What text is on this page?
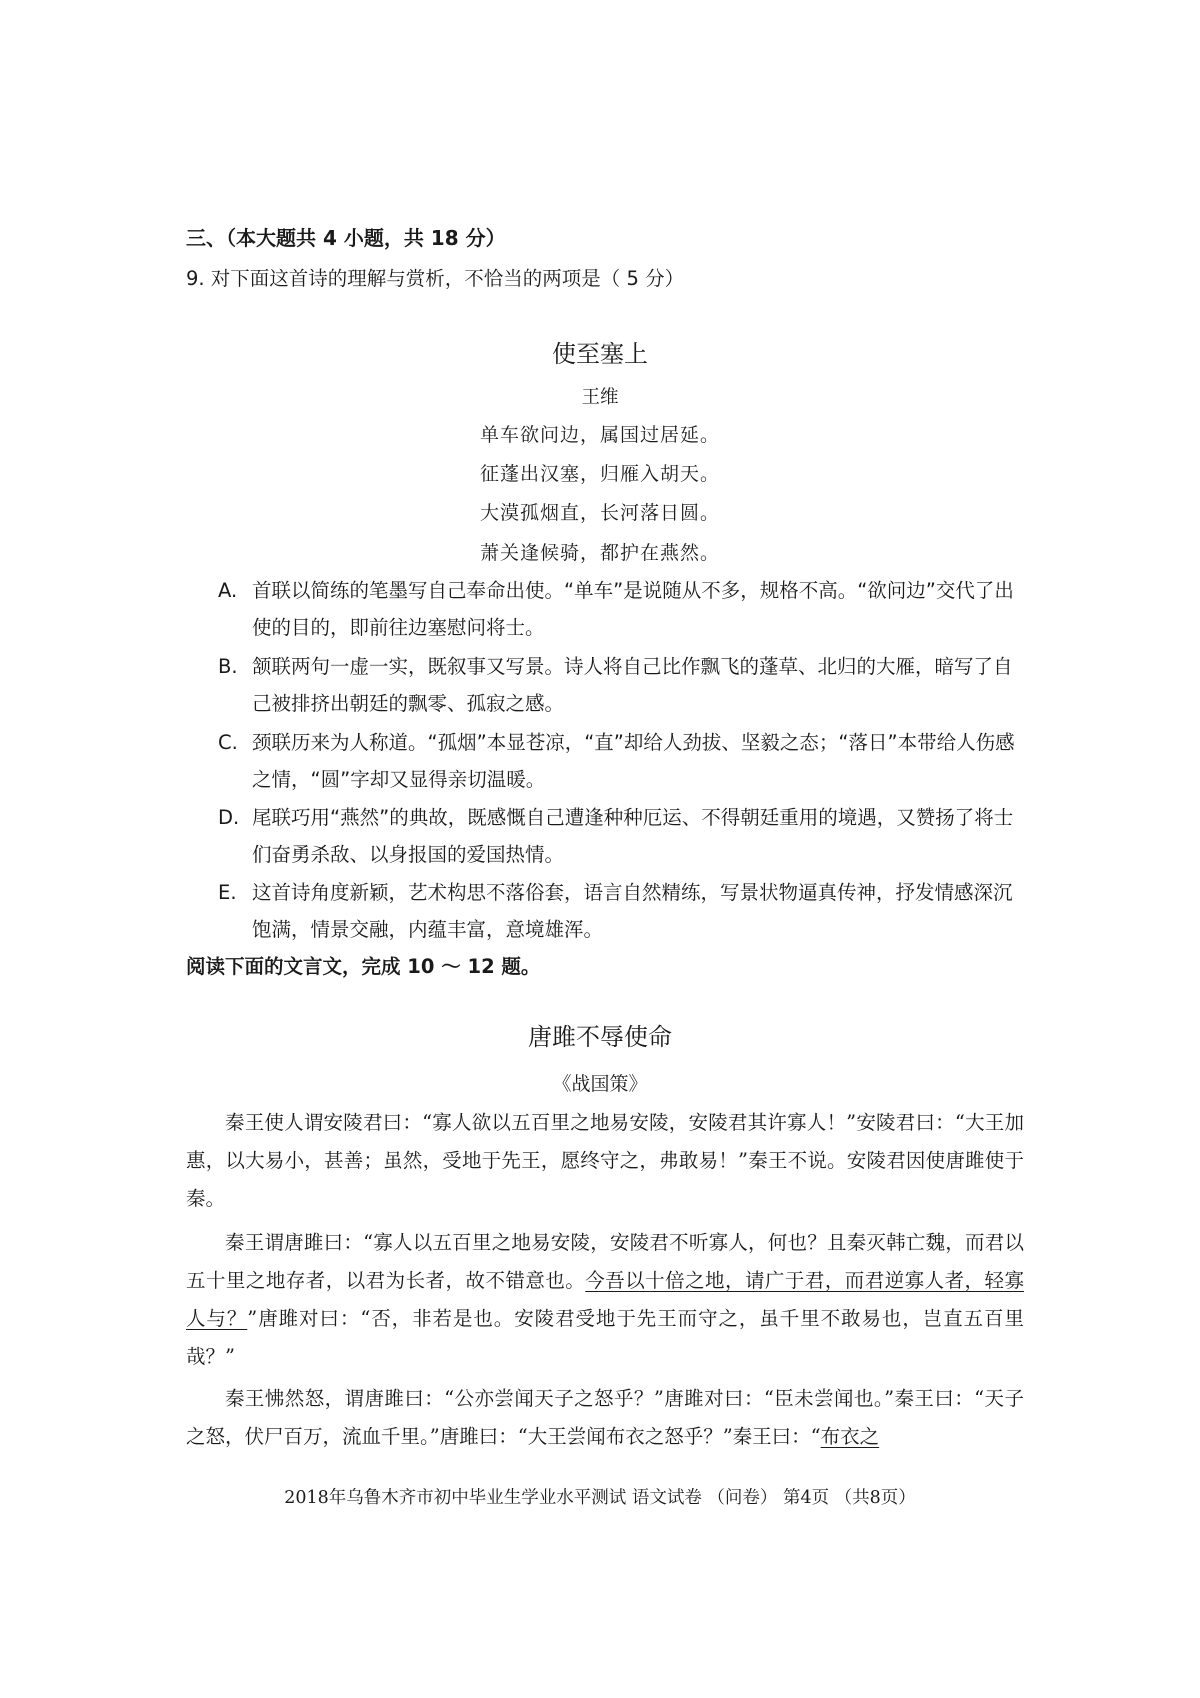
三、（本大题共 4 小题，共 18 分）
9. 对下面这首诗的理解与赏析，不恰当的两项是（ 5 分）
使至塞上
王维
单车欲问边，属国过居延。
征蓬出汉塞，归雁入胡天。
大漠孤烟直，长河落日圆。
萧关逢候骑，都护在燕然。
A. 首联以简练的笔墨写自己奉命出使。“单车”是说随从不多，规格不高。“欲问边”交代了出使的目的，即前往边塞慰问将士。
B. 颔联两句一虚一实，既叙事又写景。诗人将自己比作飘飞的蓬草、北归的大雁，暗写了自己被排挤出朝廷的飘零、孤寂之感。
C. 颈联历来为人称道。“孤烟”本显苍凉，“直”却给人劲拔、坚毅之态；“落日”本带给人伤感之情，“圆”字却又显得亲切温暖。
D. 尾联巧用“燕然”的典故，既感慨自己遭逢种种厄运、不得朝廷重用的境遇，又赞扬了将士们奋勇杀敌、以身报国的爱国热情。
E. 这首诗角度新颖，艺术构思不落俗套，语言自然精练，写景状物逼真传神，抒发情感深沉饱满，情景交融，内蕴丰富，意境雄浑。
阅读下面的文言文，完成 10 ～ 12 题。
唐雎不辱使命
《战国策》
秦王使人谓安陵君曰：“寡人欲以五百里之地易安陵，安陵君其许寡人！”安陵君曰：“大王加惠，以大易小，甚善；虽然，受地于先王，愿终守之，弗敢易！”秦王不说。安陵君因使唐雎使于秦。
秦王谓唐雎曰：“寡人以五百里之地易安陵，安陵君不听寡人，何也？且秦灭韩亡魏，而君以五十里之地存者，以君为长者，故不错意也。今吾以十倍之地，请广于君，而君逆寡人者，轻寡人与？”唐雎对曰：“否，非若是也。安陵君受地于先王而守之，虽千里不敢易也，岂直五百里哉？”
秦王怫然怒，谓唐雎曰：“公亦尝闻天子之怒乎？”唐雎对曰：“臣未尝闻也。”秦王曰：“天子之怒，伏尸百万，流血千里。”唐雎曰：“大王尝闻布衣之怒乎？”秦王曰：“布衣之
2018年乌鲁木齐市初中毕业生学业水平测试 语文试卷 （问卷） 第4页 （共8页）
